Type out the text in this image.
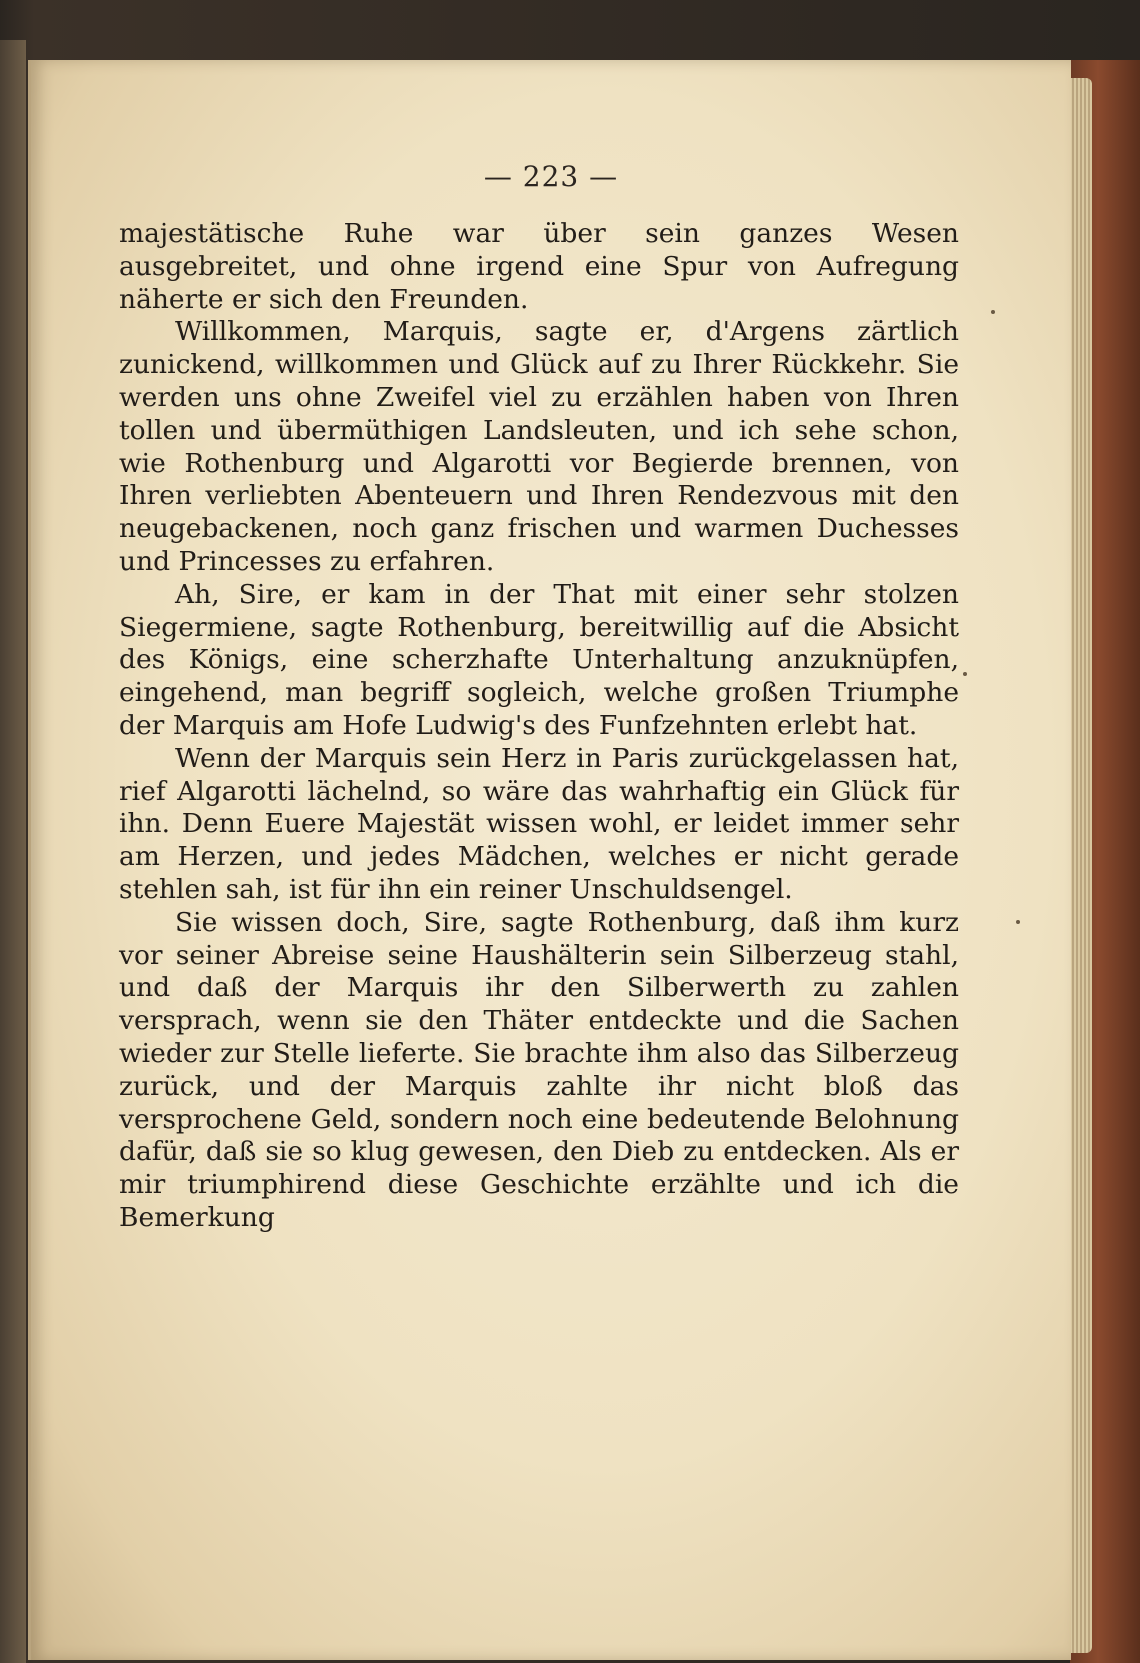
— 223 —

majestätische Ruhe war über sein ganzes Wesen ausgebreitet, und ohne irgend eine Spur von Aufregung näherte er sich den Freunden.

Willkommen, Marquis, sagte er, d'Argens zärtlich zunickend, willkommen und Glück auf zu Ihrer Rückkehr. Sie werden uns ohne Zweifel viel zu erzählen haben von Ihren tollen und übermüthigen Landsleuten, und ich sehe schon, wie Rothenburg und Algarotti vor Begierde brennen, von Ihren verliebten Abenteuern und Ihren Rendezvous mit den neugebackenen, noch ganz frischen und warmen Duchesses und Princesses zu erfahren.

Ah, Sire, er kam in der That mit einer sehr stolzen Siegermiene, sagte Rothenburg, bereitwillig auf die Absicht des Königs, eine scherzhafte Unterhaltung anzuknüpfen, eingehend, man begriff sogleich, welche großen Triumphe der Marquis am Hofe Ludwig's des Funfzehnten erlebt hat.

Wenn der Marquis sein Herz in Paris zurückgelassen hat, rief Algarotti lächelnd, so wäre das wahrhaftig ein Glück für ihn. Denn Euere Majestät wissen wohl, er leidet immer sehr am Herzen, und jedes Mädchen, welches er nicht gerade stehlen sah, ist für ihn ein reiner Unschuldsengel.

Sie wissen doch, Sire, sagte Rothenburg, daß ihm kurz vor seiner Abreise seine Haushälterin sein Silberzeug stahl, und daß der Marquis ihr den Silberwerth zu zahlen versprach, wenn sie den Thäter entdeckte und die Sachen wieder zur Stelle lieferte. Sie brachte ihm also das Silberzeug zurück, und der Marquis zahlte ihr nicht bloß das versprochene Geld, sondern noch eine bedeutende Belohnung dafür, daß sie so klug gewesen, den Dieb zu entdecken. Als er mir triumphirend diese Geschichte erzählte und ich die Bemerkung
